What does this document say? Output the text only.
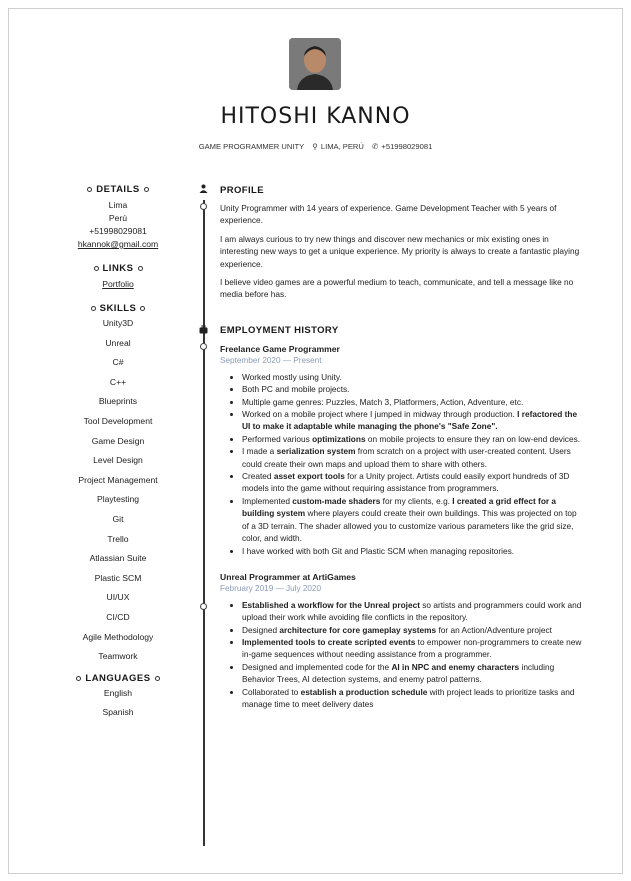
HITOSHI KANNO
GAME PROGRAMMER UNITY ⚲ LIMA, PERÚ ✆ +51998029081
DETAILS
Lima
Perú
+51998029081
hkannok@gmail.com
LINKS
Portfolio
SKILLS
Unity3D
Unreal
C#
C++
Blueprints
Tool Development
Game Design
Level Design
Project Management
Playtesting
Git
Trello
Atlassian Suite
Plastic SCM
UI/UX
CI/CD
Agile Methodology
Teamwork
LANGUAGES
English
Spanish
PROFILE

Unity Programmer with 14 years of experience. Game Development Teacher with 5 years of experience.

I am always curious to try new things and discover new mechanics or mix existing ones in interesting new ways to get a unique experience. My priority is always to create a fantastic playing experience.

I believe video games are a powerful medium to teach, communicate, and tell a message like no media before has.

EMPLOYMENT HISTORY
Freelance Game Programmer
September 2020 — Present
• Worked mostly using Unity.
• Both PC and mobile projects.
• Multiple game genres: Puzzles, Match 3, Platformers, Action, Adventure, etc.
• Worked on a mobile project where I jumped in midway through production. I refactored the UI to make it adaptable while managing the phone's "Safe Zone".
• Performed various optimizations on mobile projects to ensure they ran on low-end devices.
• I made a serialization system from scratch on a project with user-created content. Users could create their own maps and upload them to share with others.
• Created asset export tools for a Unity project. Artists could easily export hundreds of 3D models into the game without requiring assistance from programmers.
• Implemented custom-made shaders for my clients, e.g. I created a grid effect for a building system where players could create their own buildings. This was projected on top of a 3D terrain. The shader allowed you to customize various parameters like the grid size, color, and width.
• I have worked with both Git and Plastic SCM when managing repositories.
Unreal Programmer at ArtiGames
February 2019 — July 2020
• Established a workflow for the Unreal project so artists and programmers could work and upload their work while avoiding file conflicts in the repository.
• Designed architecture for core gameplay systems for an Action/Adventure project
• Implemented tools to create scripted events to empower non-programmers to create new in-game sequences without needing assistance from a programmer.
• Designed and implemented code for the AI in NPC and enemy characters including Behavior Trees, AI detection systems, and enemy patrol patterns.
• Collaborated to establish a production schedule with project leads to prioritize tasks and manage time to meet delivery dates
